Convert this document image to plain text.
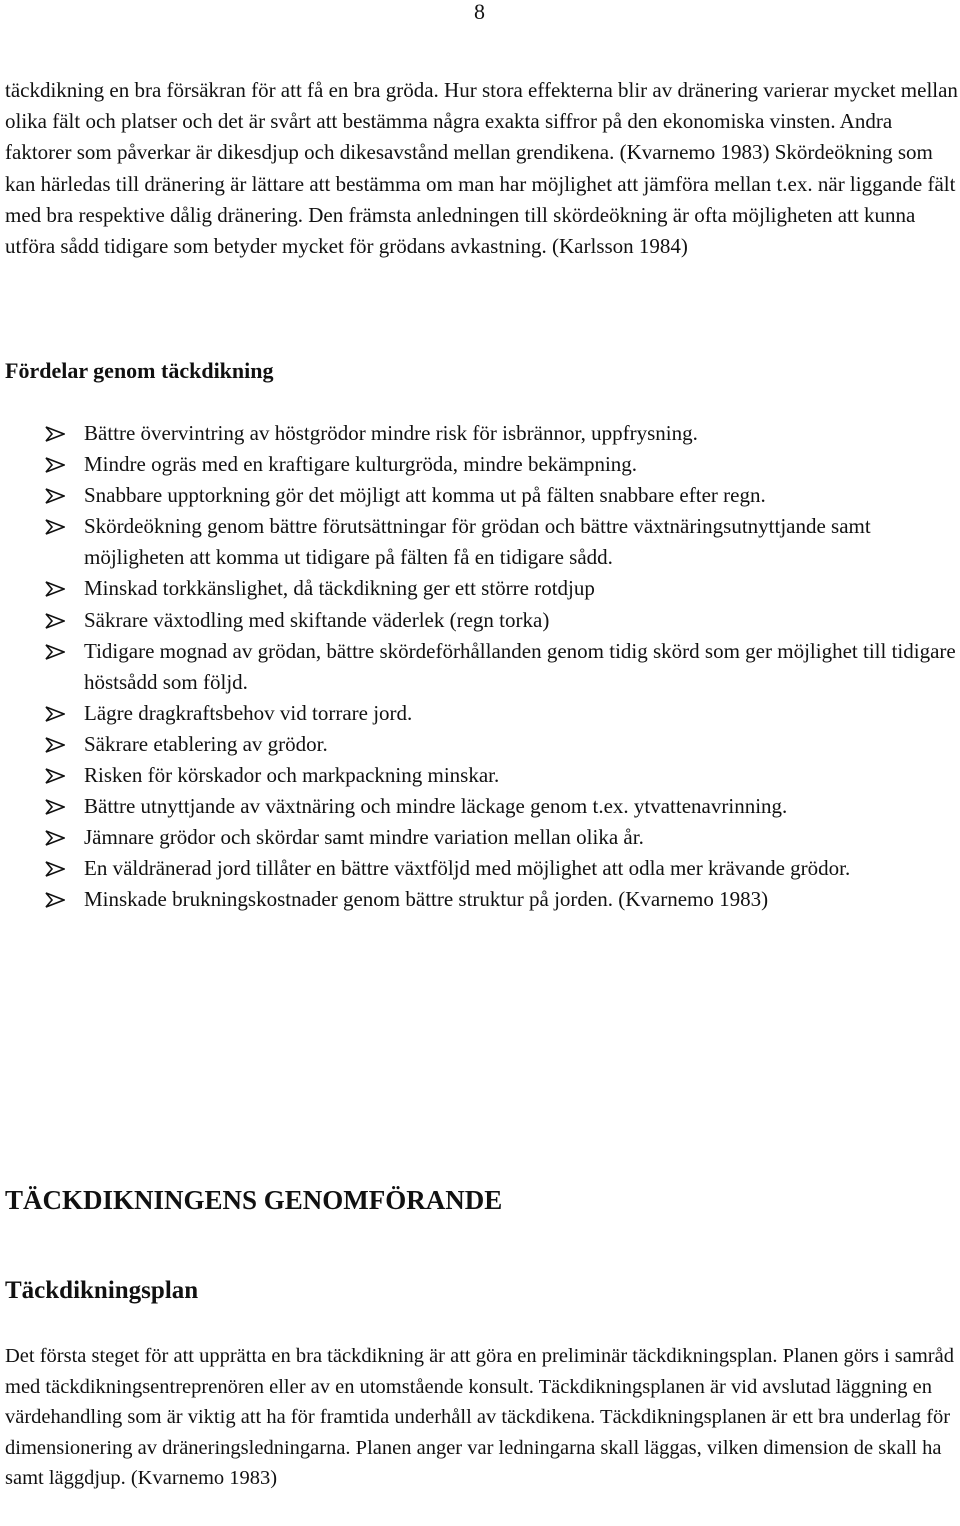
8

täckdikning en bra försäkran för att få en bra gröda. Hur stora effekterna blir av dränering varierar mycket mellan olika fält och platser och det är svårt att bestämma några exakta siffror på den ekonomiska vinsten. Andra faktorer som påverkar är dikesdjup och dikesavstånd mellan grendikena. (Kvarnemo 1983) Skördeökning som kan härledas till dränering är lättare att bestämma om man har möjlighet att jämföra mellan t.ex. när liggande fält med bra respektive dålig dränering. Den främsta anledningen till skördeökning är ofta möjligheten att kunna utföra sådd tidigare som betyder mycket för grödans avkastning. (Karlsson 1984)

Fördelar genom täckdikning
Bättre övervintring av höstgrödor mindre risk för isbrännor, uppfrysning.
Mindre ogräs med en kraftigare kulturgröda, mindre bekämpning.
Snabbare upptorkning gör det möjligt att komma ut på fälten snabbare efter regn.
Skördeökning genom bättre förutsättningar för grödan och bättre växtnäringsutnyttjande samt möjligheten att komma ut tidigare på fälten få en tidigare sådd.
Minskad torkkänslighet, då täckdikning ger ett större rotdjup
Säkrare växtodling med skiftande väderlek (regn torka)
Tidigare mognad av grödan, bättre skördeförhållanden genom tidig skörd som ger möjlighet till tidigare höstsådd som följd.
Lägre dragkraftsbehov vid torrare jord.
Säkrare etablering av grödor.
Risken för körskador och markpackning minskar.
Bättre utnyttjande av växtnäring och mindre läckage genom t.ex. ytvattenavrinning.
Jämnare grödor och skördar samt mindre variation mellan olika år.
En väldränerad jord tillåter en bättre växtföljd med möjlighet att odla mer krävande grödor.
Minskade brukningskostnader genom bättre struktur på jorden. (Kvarnemo 1983)
TÄCKDIKNINGENS GENOMFÖRANDE
Täckdikningsplan

Det första steget för att upprätta en bra täckdikning är att göra en preliminär täckdikningsplan. Planen görs i samråd med täckdikningsentreprenören eller av en utomstående konsult. Täckdikningsplanen är vid avslutad läggning en värdehandling som är viktig att ha för framtida underhåll av täckdikena. Täckdikningsplanen är ett bra underlag för dimensionering av dräneringsledningarna. Planen anger var ledningarna skall läggas, vilken dimension de skall ha samt läggdjup. (Kvarnemo 1983)
